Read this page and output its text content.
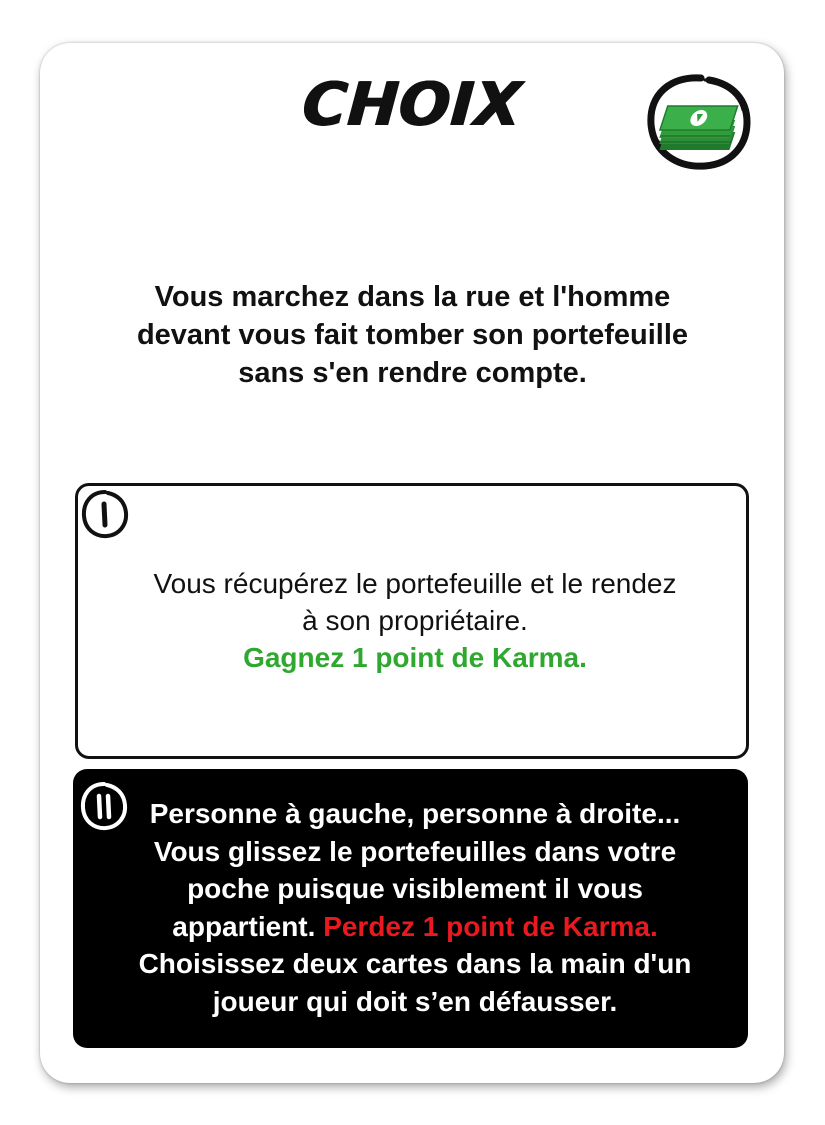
CHOIX
Vous marchez dans la rue et l'homme
devant vous fait tomber son portefeuille
sans s'en rendre compte.
Vous récupérez le portefeuille et le rendez
à son propriétaire.
Gagnez 1 point de Karma.
Personne à gauche, personne à droite...
Vous glissez le portefeuilles dans votre
poche puisque visiblement il vous
appartient. Perdez 1 point de Karma.
Choisissez deux cartes dans la main d'un
joueur qui doit s’en défausser.
